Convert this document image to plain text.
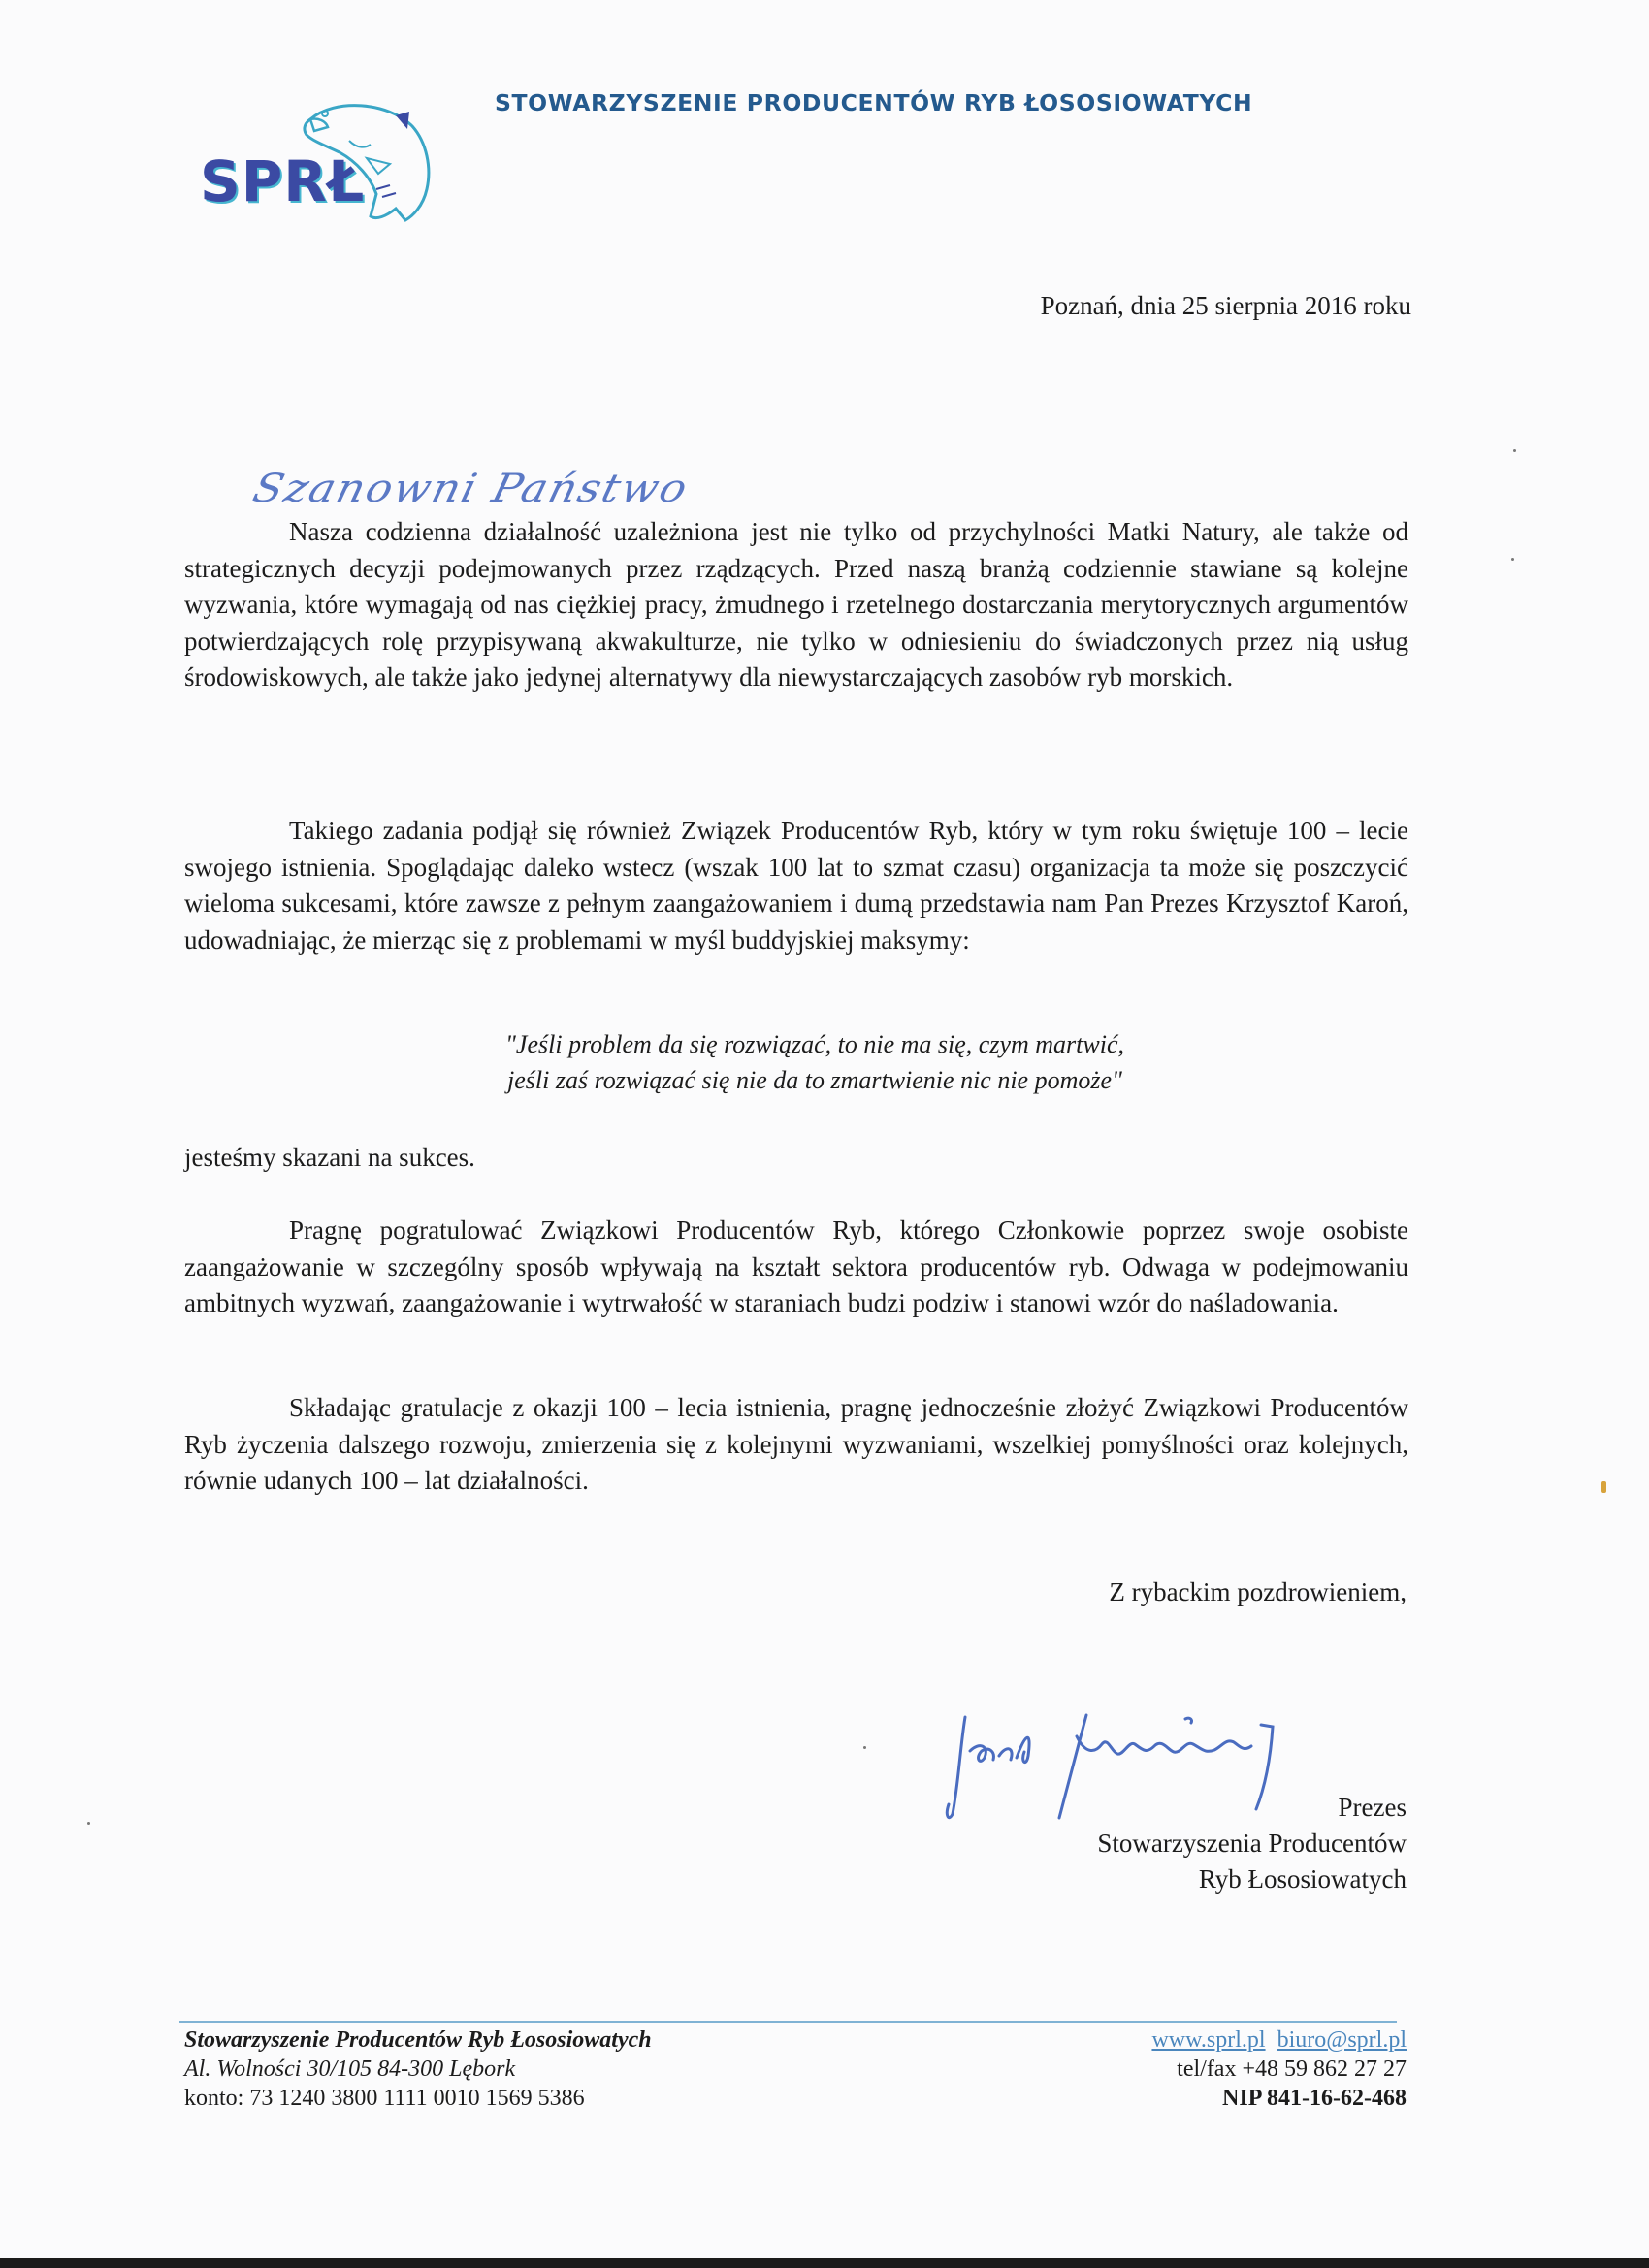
SPRŁ
STOWARZYSZENIE PRODUCENTÓW RYB ŁOSOSIOWATYCH
Poznań, dnia 25 sierpnia 2016 roku
Szanowni Państwo
Nasza codzienna działalność uzależniona jest nie tylko od przychylności Matki Natury, ale także od strategicznych decyzji podejmowanych przez rządzących. Przed naszą branżą codziennie stawiane są kolejne wyzwania, które wymagają od nas ciężkiej pracy, żmudnego i rzetelnego dostarczania merytorycznych argumentów potwierdzających rolę przypisywaną akwakulturze, nie tylko w odniesieniu do świadczonych przez nią usług środowiskowych, ale także jako jedynej alternatywy dla niewystarczających zasobów ryb morskich.
Takiego zadania podjął się również Związek Producentów Ryb, który w tym roku świętuje 100 – lecie swojego istnienia. Spoglądając daleko wstecz (wszak 100 lat to szmat czasu) organizacja ta może się poszczycić wieloma sukcesami, które zawsze z pełnym zaangażowaniem i dumą przedstawia nam Pan Prezes Krzysztof Karoń, udowadniając, że mierząc się z problemami w myśl buddyjskiej maksymy:
"Jeśli problem da się rozwiązać, to nie ma się, czym martwić,
jeśli zaś rozwiązać się nie da to zmartwienie nic nie pomoże"
jesteśmy skazani na sukces.
Pragnę pogratulować Związkowi Producentów Ryb, którego Członkowie poprzez swoje osobiste zaangażowanie w szczególny sposób wpływają na kształt sektora producentów ryb. Odwaga w podejmowaniu ambitnych wyzwań, zaangażowanie i wytrwałość w staraniach budzi podziw i stanowi wzór do naśladowania.
Składając gratulacje z okazji 100 – lecia istnienia, pragnę jednocześnie złożyć Związkowi Producentów Ryb życzenia dalszego rozwoju, zmierzenia się z kolejnymi wyzwaniami, wszelkiej pomyślności oraz kolejnych, równie udanych 100 – lat działalności.
Z rybackim pozdrowieniem,
Prezes
Stowarzyszenia Producentów
Ryb Łososiowatych
Stowarzyszenie Producentów Ryb Łososiowatych
Al. Wolności 30/105 84-300 Lębork
konto: 73 1240 3800 1111 0010 1569 5386
www.sprl.pl biuro@sprl.pl
tel/fax +48 59 862 27 27
NIP 841-16-62-468
